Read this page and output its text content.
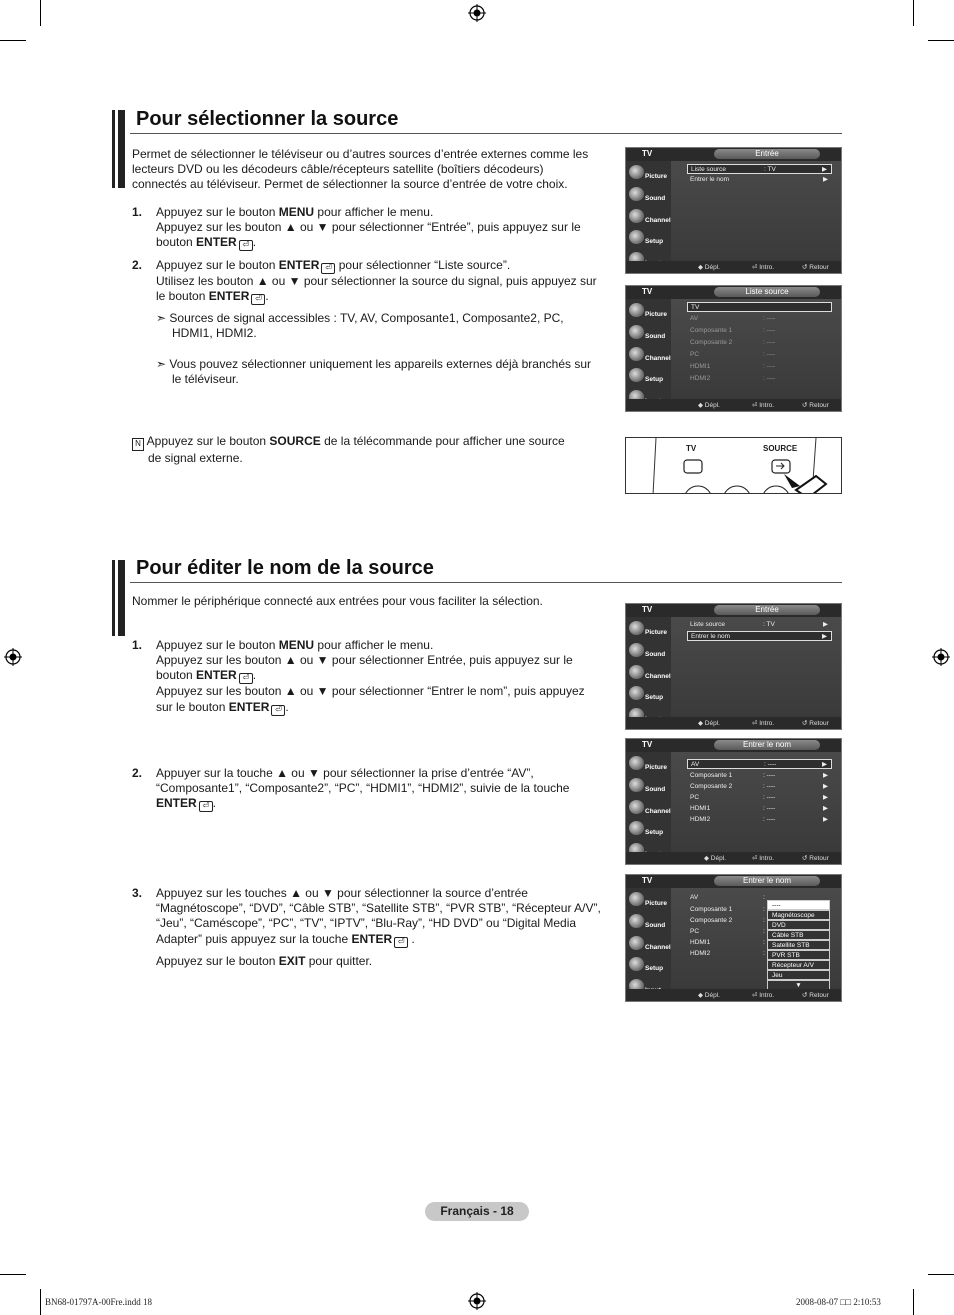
Pour sélectionner la source
Permet de sélectionner le téléviseur ou d’autres sources d’entrée externes comme les
lecteurs DVD ou les décodeurs câble/récepteurs satellite (boîtiers décodeurs)
connectés au téléviseur. Permet de sélectionner la source d’entrée de votre choix.
1. Appuyez sur le bouton MENU pour afficher le menu.
Appuyez sur les bouton ▲ ou ▼ pour sélectionner “Entrée”, puis appuyez sur le
bouton ENTER ⏎ .
2. Appuyez sur le bouton ENTER ⏎ pour sélectionner “Liste source”.
Utilisez les bouton ▲ ou ▼ pour sélectionner la source du signal, puis appuyez sur
le bouton ENTER ⏎ .
➣ Sources de signal accessibles : TV, AV, Composante1, Composante2, PC,
HDMI1, HDMI2.
➣ Vous pouvez sélectionner uniquement les appareils externes déjà branchés sur
le téléviseur.
N Appuyez sur le bouton SOURCE de la télécommande pour afficher une source
de signal externe.
TV	Entrée
Picture
Sound
Channel
Setup
Liste source	: TV	▶
Entrer le nom	▶
◆ Dépl.	⏎ Intro.	↺ Retour
TV	Liste source
Picture
Sound
Channel
Setup
TV
AV	: ----
Composante 1	: ----
Composante 2	: ----
PC	: ----
HDMI1	: ----
HDMI2	: ----
◆ Dépl.	⏎ Intro.	↺ Retour
TV	SOURCE
Pour éditer le nom de la source
Nommer le périphérique connecté aux entrées pour vous faciliter la sélection.
1. Appuyez sur le bouton MENU pour afficher le menu.
Appuyez sur les bouton ▲ ou ▼ pour sélectionner Entrée, puis appuyez sur le
bouton ENTER ⏎ .
Appuyez sur les bouton ▲ ou ▼ pour sélectionner “Entrer le nom”, puis appuyez
sur le bouton ENTER ⏎ .
2. Appuyer sur la touche ▲ ou ▼ pour sélectionner la prise d’entrée “AV”,
“Composante1”, “Composante2”, “PC”, “HDMI1”, “HDMI2”, suivie de la touche
ENTER ⏎ .
3. Appuyez sur les touches ▲ ou ▼ pour sélectionner la source d’entrée
“Magnétoscope”, “DVD”, “Câble STB”, “Satellite STB”, “PVR STB”, “Récepteur A/V”,
“Jeu”, “Caméscope”, “PC”, “TV”, “IPTV”, “Blu-Ray”, “HD DVD” ou “Digital Media
Adapter” puis appuyez sur la touche ENTER ⏎ .
Appuyez sur le bouton EXIT pour quitter.
TV	Entrée
Picture
Sound
Channel
Setup
Liste source	: TV	▶
Entrer le nom	▶
◆ Dépl.	⏎ Intro.	↺ Retour
TV	Entrer le nom
Picture
Sound
Channel
Setup
AV	: ----	▶
Composante 1	: ----	▶
Composante 2	: ----	▶
PC	: ----	▶
HDMI1	: ----	▶
HDMI2	: ----	▶
◆ Dépl.	⏎ Intro.	↺ Retour
TV	Entrer le nom
Picture
Sound
Channel
Setup
AV	:
Composante 1	:
Composante 2	:
PC	:
HDMI1	:
HDMI2	:
----
Magnétoscope
DVD
Câble STB
Satellite STB
PVR STB
Récepteur A/V
Jeu
▼
◆ Dépl.	⏎ Intro.	↺ Retour
Français - 18
BN68-01797A-00Fre.indd 18	2008-08-07 □□ 2:10:53
